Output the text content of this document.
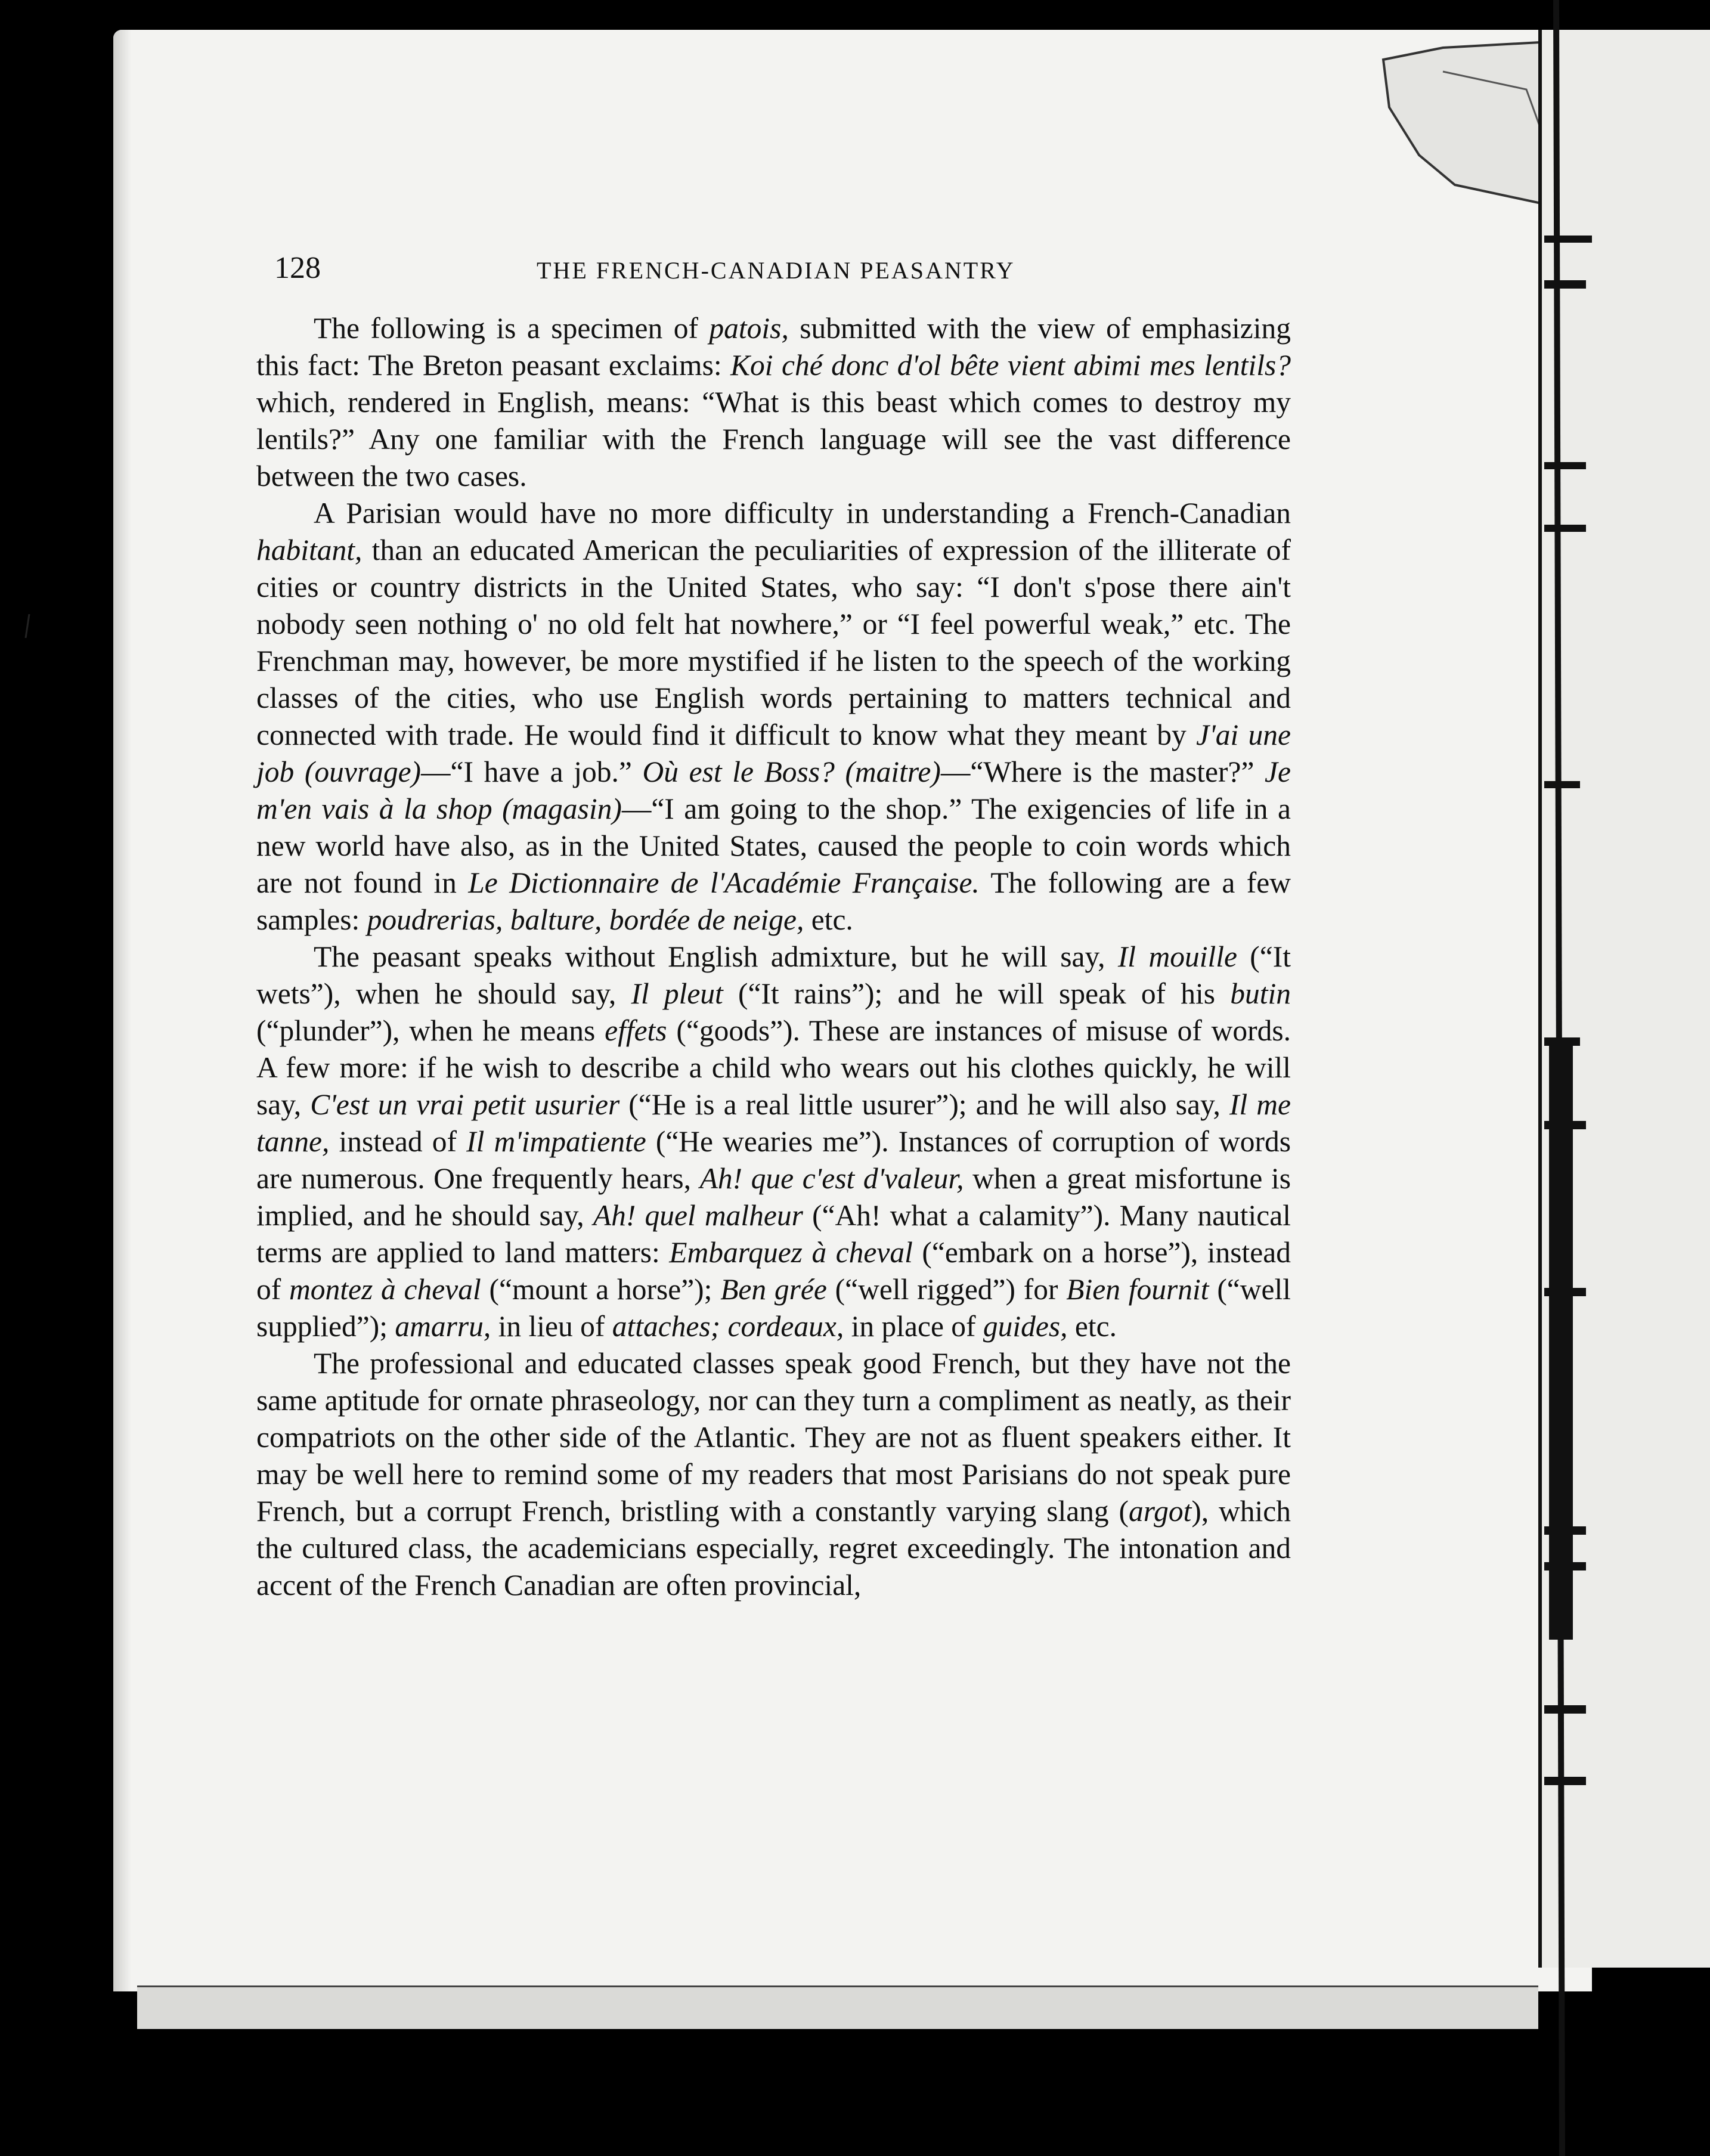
128	THE FRENCH-CANADIAN PEASANTRY

The following is a specimen of patois, submitted with the view of emphasizing this fact: The Breton peasant exclaims: Koi ché donc d'ol bête vient abimi mes lentils? which, rendered in English, means: “What is this beast which comes to destroy my lentils?” Any one familiar with the French language will see the vast difference between the two cases.

A Parisian would have no more difficulty in understanding a French-Canadian habitant, than an educated American the peculiarities of expression of the illiterate of cities or country districts in the United States, who say: “I don't s'pose there ain't nobody seen nothing o' no old felt hat nowhere,” or “I feel powerful weak,” etc. The Frenchman may, however, be more mystified if he listen to the speech of the working classes of the cities, who use English words pertaining to matters technical and connected with trade. He would find it difficult to know what they meant by J'ai une job (ouvrage)—“I have a job.” Où est le Boss? (maitre)—“Where is the master?” Je m'en vais à la shop (magasin)—“I am going to the shop.” The exigencies of life in a new world have also, as in the United States, caused the people to coin words which are not found in Le Dictionnaire de l'Académie Française. The following are a few samples: poudrerias, balture, bordée de neige, etc.

The peasant speaks without English admixture, but he will say, Il mouille (“It wets”), when he should say, Il pleut (“It rains”); and he will speak of his butin (“plunder”), when he means effets (“goods”). These are instances of misuse of words. A few more: if he wish to describe a child who wears out his clothes quickly, he will say, C'est un vrai petit usurier (“He is a real little usurer”); and he will also say, Il me tanne, instead of Il m'impatiente (“He wearies me”). Instances of corruption of words are numerous. One frequently hears, Ah! que c'est d'valeur, when a great misfortune is implied, and he should say, Ah! quel malheur (“Ah! what a calamity”). Many nautical terms are applied to land matters: Embarquez à cheval (“embark on a horse”), instead of montez à cheval (“mount a horse”); Ben grée (“well rigged”) for Bien fournit (“well supplied”); amarru, in lieu of attaches; cordeaux, in place of guides, etc.

The professional and educated classes speak good French, but they have not the same aptitude for ornate phraseology, nor can they turn a compliment as neatly, as their compatriots on the other side of the Atlantic. They are not as fluent speakers either. It may be well here to remind some of my readers that most Parisians do not speak pure French, but a corrupt French, bristling with a constantly varying slang (argot), which the cultured class, the academicians especially, regret exceedingly. The intonation and accent of the French Canadian are often provincial,
